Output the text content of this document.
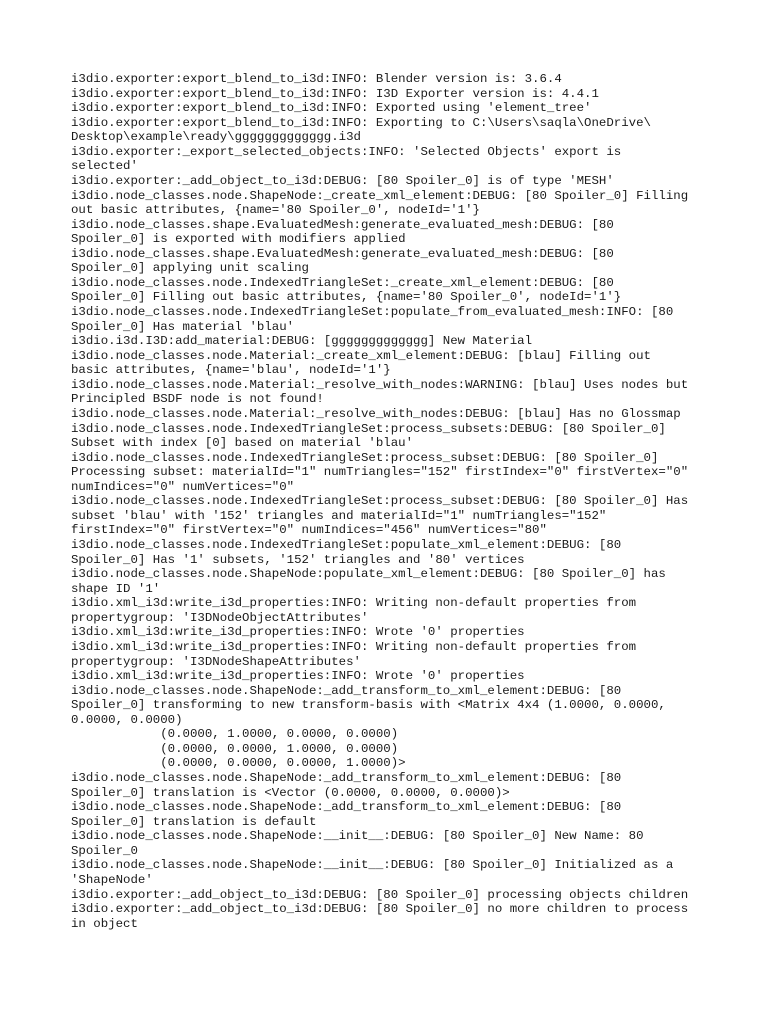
i3dio.exporter:export_blend_to_i3d:INFO: Blender version is: 3.6.4
i3dio.exporter:export_blend_to_i3d:INFO: I3D Exporter version is: 4.4.1
i3dio.exporter:export_blend_to_i3d:INFO: Exported using 'element_tree'
i3dio.exporter:export_blend_to_i3d:INFO: Exporting to C:\Users\saqla\OneDrive\
Desktop\example\ready\ggggggggggggg.i3d
i3dio.exporter:_export_selected_objects:INFO: 'Selected Objects' export is
selected'
i3dio.exporter:_add_object_to_i3d:DEBUG: [80 Spoiler_0] is of type 'MESH'
i3dio.node_classes.node.ShapeNode:_create_xml_element:DEBUG: [80 Spoiler_0] Filling
out basic attributes, {name='80 Spoiler_0', nodeId='1'}
i3dio.node_classes.shape.EvaluatedMesh:generate_evaluated_mesh:DEBUG: [80
Spoiler_0] is exported with modifiers applied
i3dio.node_classes.shape.EvaluatedMesh:generate_evaluated_mesh:DEBUG: [80
Spoiler_0] applying unit scaling
i3dio.node_classes.node.IndexedTriangleSet:_create_xml_element:DEBUG: [80
Spoiler_0] Filling out basic attributes, {name='80 Spoiler_0', nodeId='1'}
i3dio.node_classes.node.IndexedTriangleSet:populate_from_evaluated_mesh:INFO: [80
Spoiler_0] Has material 'blau'
i3dio.i3d.I3D:add_material:DEBUG: [ggggggggggggg] New Material
i3dio.node_classes.node.Material:_create_xml_element:DEBUG: [blau] Filling out
basic attributes, {name='blau', nodeId='1'}
i3dio.node_classes.node.Material:_resolve_with_nodes:WARNING: [blau] Uses nodes but
Principled BSDF node is not found!
i3dio.node_classes.node.Material:_resolve_with_nodes:DEBUG: [blau] Has no Glossmap
i3dio.node_classes.node.IndexedTriangleSet:process_subsets:DEBUG: [80 Spoiler_0]
Subset with index [0] based on material 'blau'
i3dio.node_classes.node.IndexedTriangleSet:process_subset:DEBUG: [80 Spoiler_0]
Processing subset: materialId="1" numTriangles="152" firstIndex="0" firstVertex="0"
numIndices="0" numVertices="0"
i3dio.node_classes.node.IndexedTriangleSet:process_subset:DEBUG: [80 Spoiler_0] Has
subset 'blau' with '152' triangles and materialId="1" numTriangles="152"
firstIndex="0" firstVertex="0" numIndices="456" numVertices="80"
i3dio.node_classes.node.IndexedTriangleSet:populate_xml_element:DEBUG: [80
Spoiler_0] Has '1' subsets, '152' triangles and '80' vertices
i3dio.node_classes.node.ShapeNode:populate_xml_element:DEBUG: [80 Spoiler_0] has
shape ID '1'
i3dio.xml_i3d:write_i3d_properties:INFO: Writing non-default properties from
propertygroup: 'I3DNodeObjectAttributes'
i3dio.xml_i3d:write_i3d_properties:INFO: Wrote '0' properties
i3dio.xml_i3d:write_i3d_properties:INFO: Writing non-default properties from
propertygroup: 'I3DNodeShapeAttributes'
i3dio.xml_i3d:write_i3d_properties:INFO: Wrote '0' properties
i3dio.node_classes.node.ShapeNode:_add_transform_to_xml_element:DEBUG: [80
Spoiler_0] transforming to new transform-basis with <Matrix 4x4 (1.0000, 0.0000,
0.0000, 0.0000)
(0.0000, 1.0000, 0.0000, 0.0000)
(0.0000, 0.0000, 1.0000, 0.0000)
(0.0000, 0.0000, 0.0000, 1.0000)>
i3dio.node_classes.node.ShapeNode:_add_transform_to_xml_element:DEBUG: [80
Spoiler_0] translation is <Vector (0.0000, 0.0000, 0.0000)>
i3dio.node_classes.node.ShapeNode:_add_transform_to_xml_element:DEBUG: [80
Spoiler_0] translation is default
i3dio.node_classes.node.ShapeNode:__init__:DEBUG: [80 Spoiler_0] New Name: 80
Spoiler_0
i3dio.node_classes.node.ShapeNode:__init__:DEBUG: [80 Spoiler_0] Initialized as a
'ShapeNode'
i3dio.exporter:_add_object_to_i3d:DEBUG: [80 Spoiler_0] processing objects children
i3dio.exporter:_add_object_to_i3d:DEBUG: [80 Spoiler_0] no more children to process
in object
